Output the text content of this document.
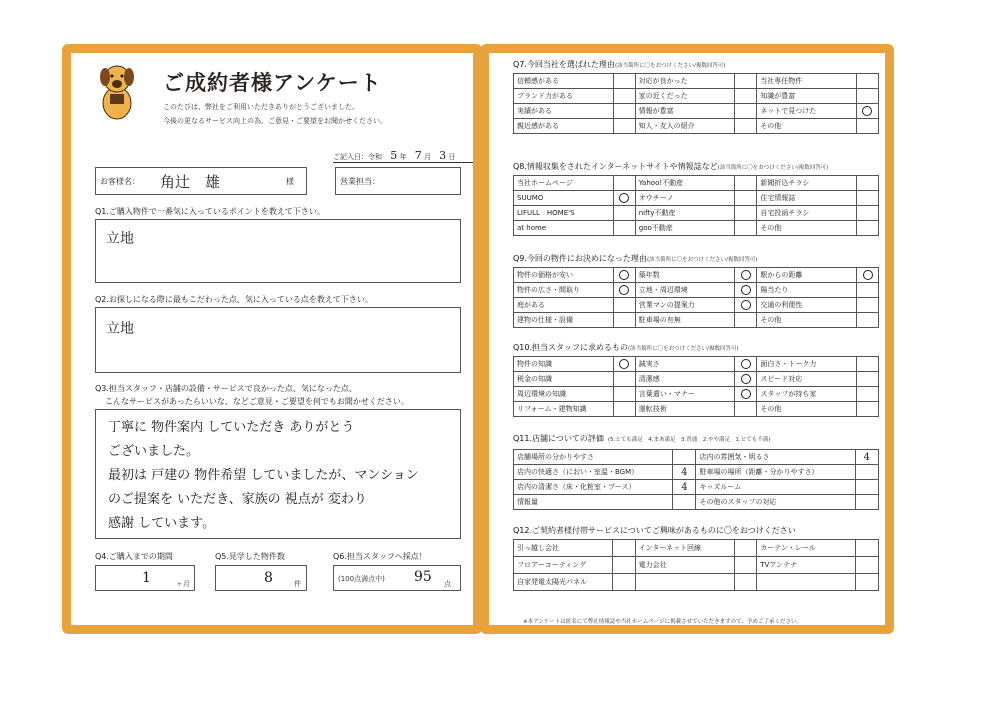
ご成約者様アンケート
このたびは、弊社をご利用いただきありがとうございました。
今後の更なるサービス向上の為、ご意見・ご要望をお聞かせください。
ご記入日：令和 5 年 7 月 3 日
お客様名： 角辻　雄	様	営業担当：
Q1.ご購入物件で一番気に入っているポイントを教えて下さい。
立地
Q2.お探しになる際に最もこだわった点、気に入っている点を教えて下さい。
立地
Q3.担当スタッフ・店舗の設備・サービスで良かった点、気になった点、
こんなサービスがあったらいいな、などご意見・ご要望を何でもお聞かせください。
丁寧に 物件案内 していただき ありがとう
ございました。
最初は 戸建の 物件希望 していましたが、マンション
のご提案を いただき、家族の 視点が 変わり
感謝 しています。
Q4.ご購入までの期間
1	ヶ月
Q5.見学した物件数
8	件
Q6.担当スタッフへ採点！
(100点満点中) 95 点
Q7.今回当社を選ばれた理由(該当箇所に〇をおつけください/複数回答可)
信頼感がある		対応が良かった		当社専任物件	
ブランド力がある		家の近くだった		知識が豊富	
実績がある		情報が豊富		ネットで見つけた	
親近感がある		知人・友人の紹介		その他	
Q8.情報収集をされたインターネットサイトや情報誌など(該当箇所に〇をおつけください/複数回答可)
当社ホームページ		Yahoo!不動産		新聞折込チラシ	
SUUMO		オウチーノ		住宅情報誌	
LIFULL　HOME'S		nifty不動産		自宅投函チラシ	
at home		goo不動産		その他	
Q9.今回の物件にお決めになった理由(該当箇所に〇をおつけください/複数回答可)
物件の価格が安い		築年数		駅からの距離	
物件の広さ・間取り		立地・周辺環境		陽当たり	
庭がある		営業マンの提案力		交通の利便性	
建物の仕様・設備		駐車場の有無		その他	
Q10.担当スタッフに求めるもの(該当箇所に〇をおつけください/複数回答可)
物件の知識		誠実さ		面白さ・トーク力	
税金の知識		清潔感		スピード対応	
周辺環境の知識		言葉遣い・マナー		スタッフが持ち家	
リフォーム・建物知識		運転技術		その他	
Q11.店舗についての評価 (5.とても満足　4.まあ満足　3.普通　2.やや満足　1.とても不満)
店舗場所の分かりやすさ		店内の雰囲気・明るさ	4
店内の快適さ（におい・室温・BGM）	4	駐車場の場所（距離・分かりやすさ）	
店内の清潔さ（床・化粧室・ブース）	4	キッズルーム	
情報量		その他のスタッフの対応	
Q12.ご契約者様付帯サービスについてご興味があるものに〇をおつけください
引っ越し会社		インターネット回線		カーテン・レール	
フロアーコーティング		電力会社		TVアンテナ	
自家発電太陽光パネル					
※本アンケートは匿名にて弊社情報誌や当社ホームページに掲載させていただきますので、予めご了承ください。
